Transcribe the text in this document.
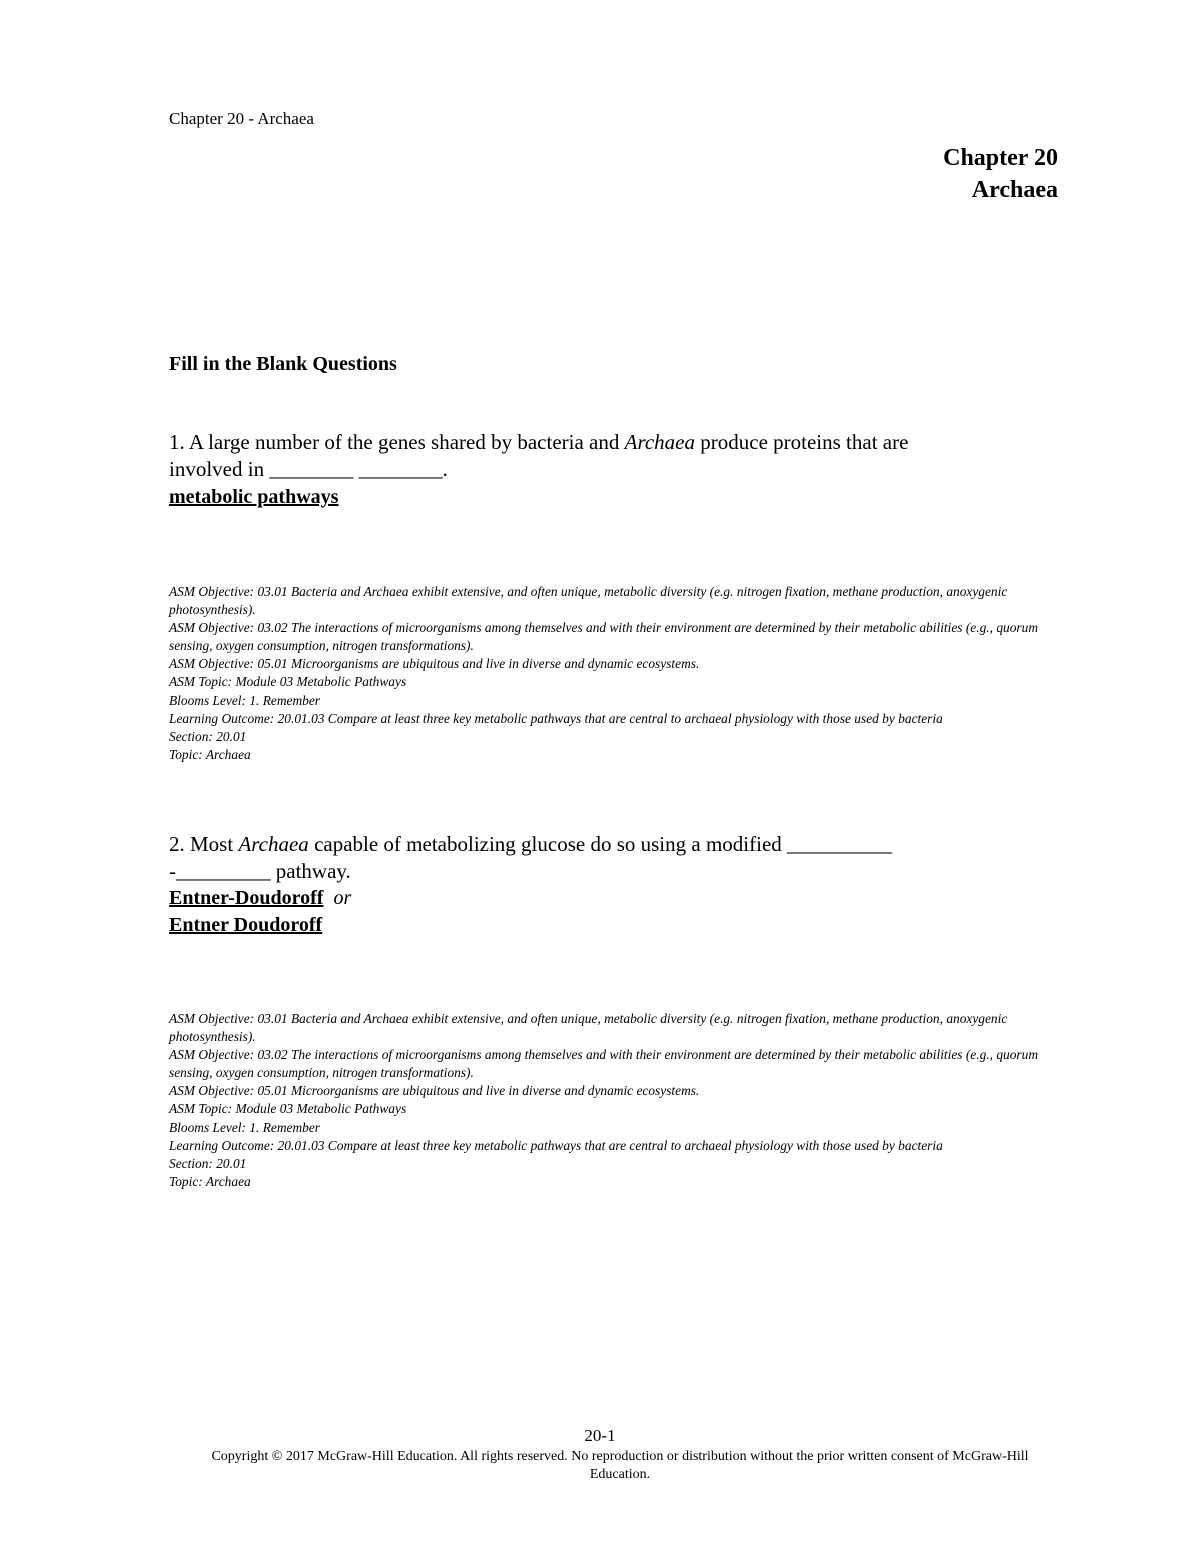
Chapter 20 - Archaea
Chapter 20
Archaea
Fill in the Blank Questions
1. A large number of the genes shared by bacteria and Archaea produce proteins that are
involved in ________ ________.
metabolic pathways
ASM Objective: 03.01 Bacteria and Archaea exhibit extensive, and often unique, metabolic diversity (e.g. nitrogen fixation, methane production, anoxygenic photosynthesis).
ASM Objective: 03.02 The interactions of microorganisms among themselves and with their environment are determined by their metabolic abilities (e.g., quorum sensing, oxygen consumption, nitrogen transformations).
ASM Objective: 05.01 Microorganisms are ubiquitous and live in diverse and dynamic ecosystems.
ASM Topic: Module 03 Metabolic Pathways
Blooms Level: 1. Remember
Learning Outcome: 20.01.03 Compare at least three key metabolic pathways that are central to archaeal physiology with those used by bacteria
Section: 20.01
Topic: Archaea
2. Most Archaea capable of metabolizing glucose do so using a modified __________
-_________ pathway.
Entner-Doudoroff or
Entner Doudoroff
ASM Objective: 03.01 Bacteria and Archaea exhibit extensive, and often unique, metabolic diversity (e.g. nitrogen fixation, methane production, anoxygenic photosynthesis).
ASM Objective: 03.02 The interactions of microorganisms among themselves and with their environment are determined by their metabolic abilities (e.g., quorum sensing, oxygen consumption, nitrogen transformations).
ASM Objective: 05.01 Microorganisms are ubiquitous and live in diverse and dynamic ecosystems.
ASM Topic: Module 03 Metabolic Pathways
Blooms Level: 1. Remember
Learning Outcome: 20.01.03 Compare at least three key metabolic pathways that are central to archaeal physiology with those used by bacteria
Section: 20.01
Topic: Archaea
20-1
Copyright © 2017 McGraw-Hill Education. All rights reserved. No reproduction or distribution without the prior written consent of McGraw-Hill Education.
